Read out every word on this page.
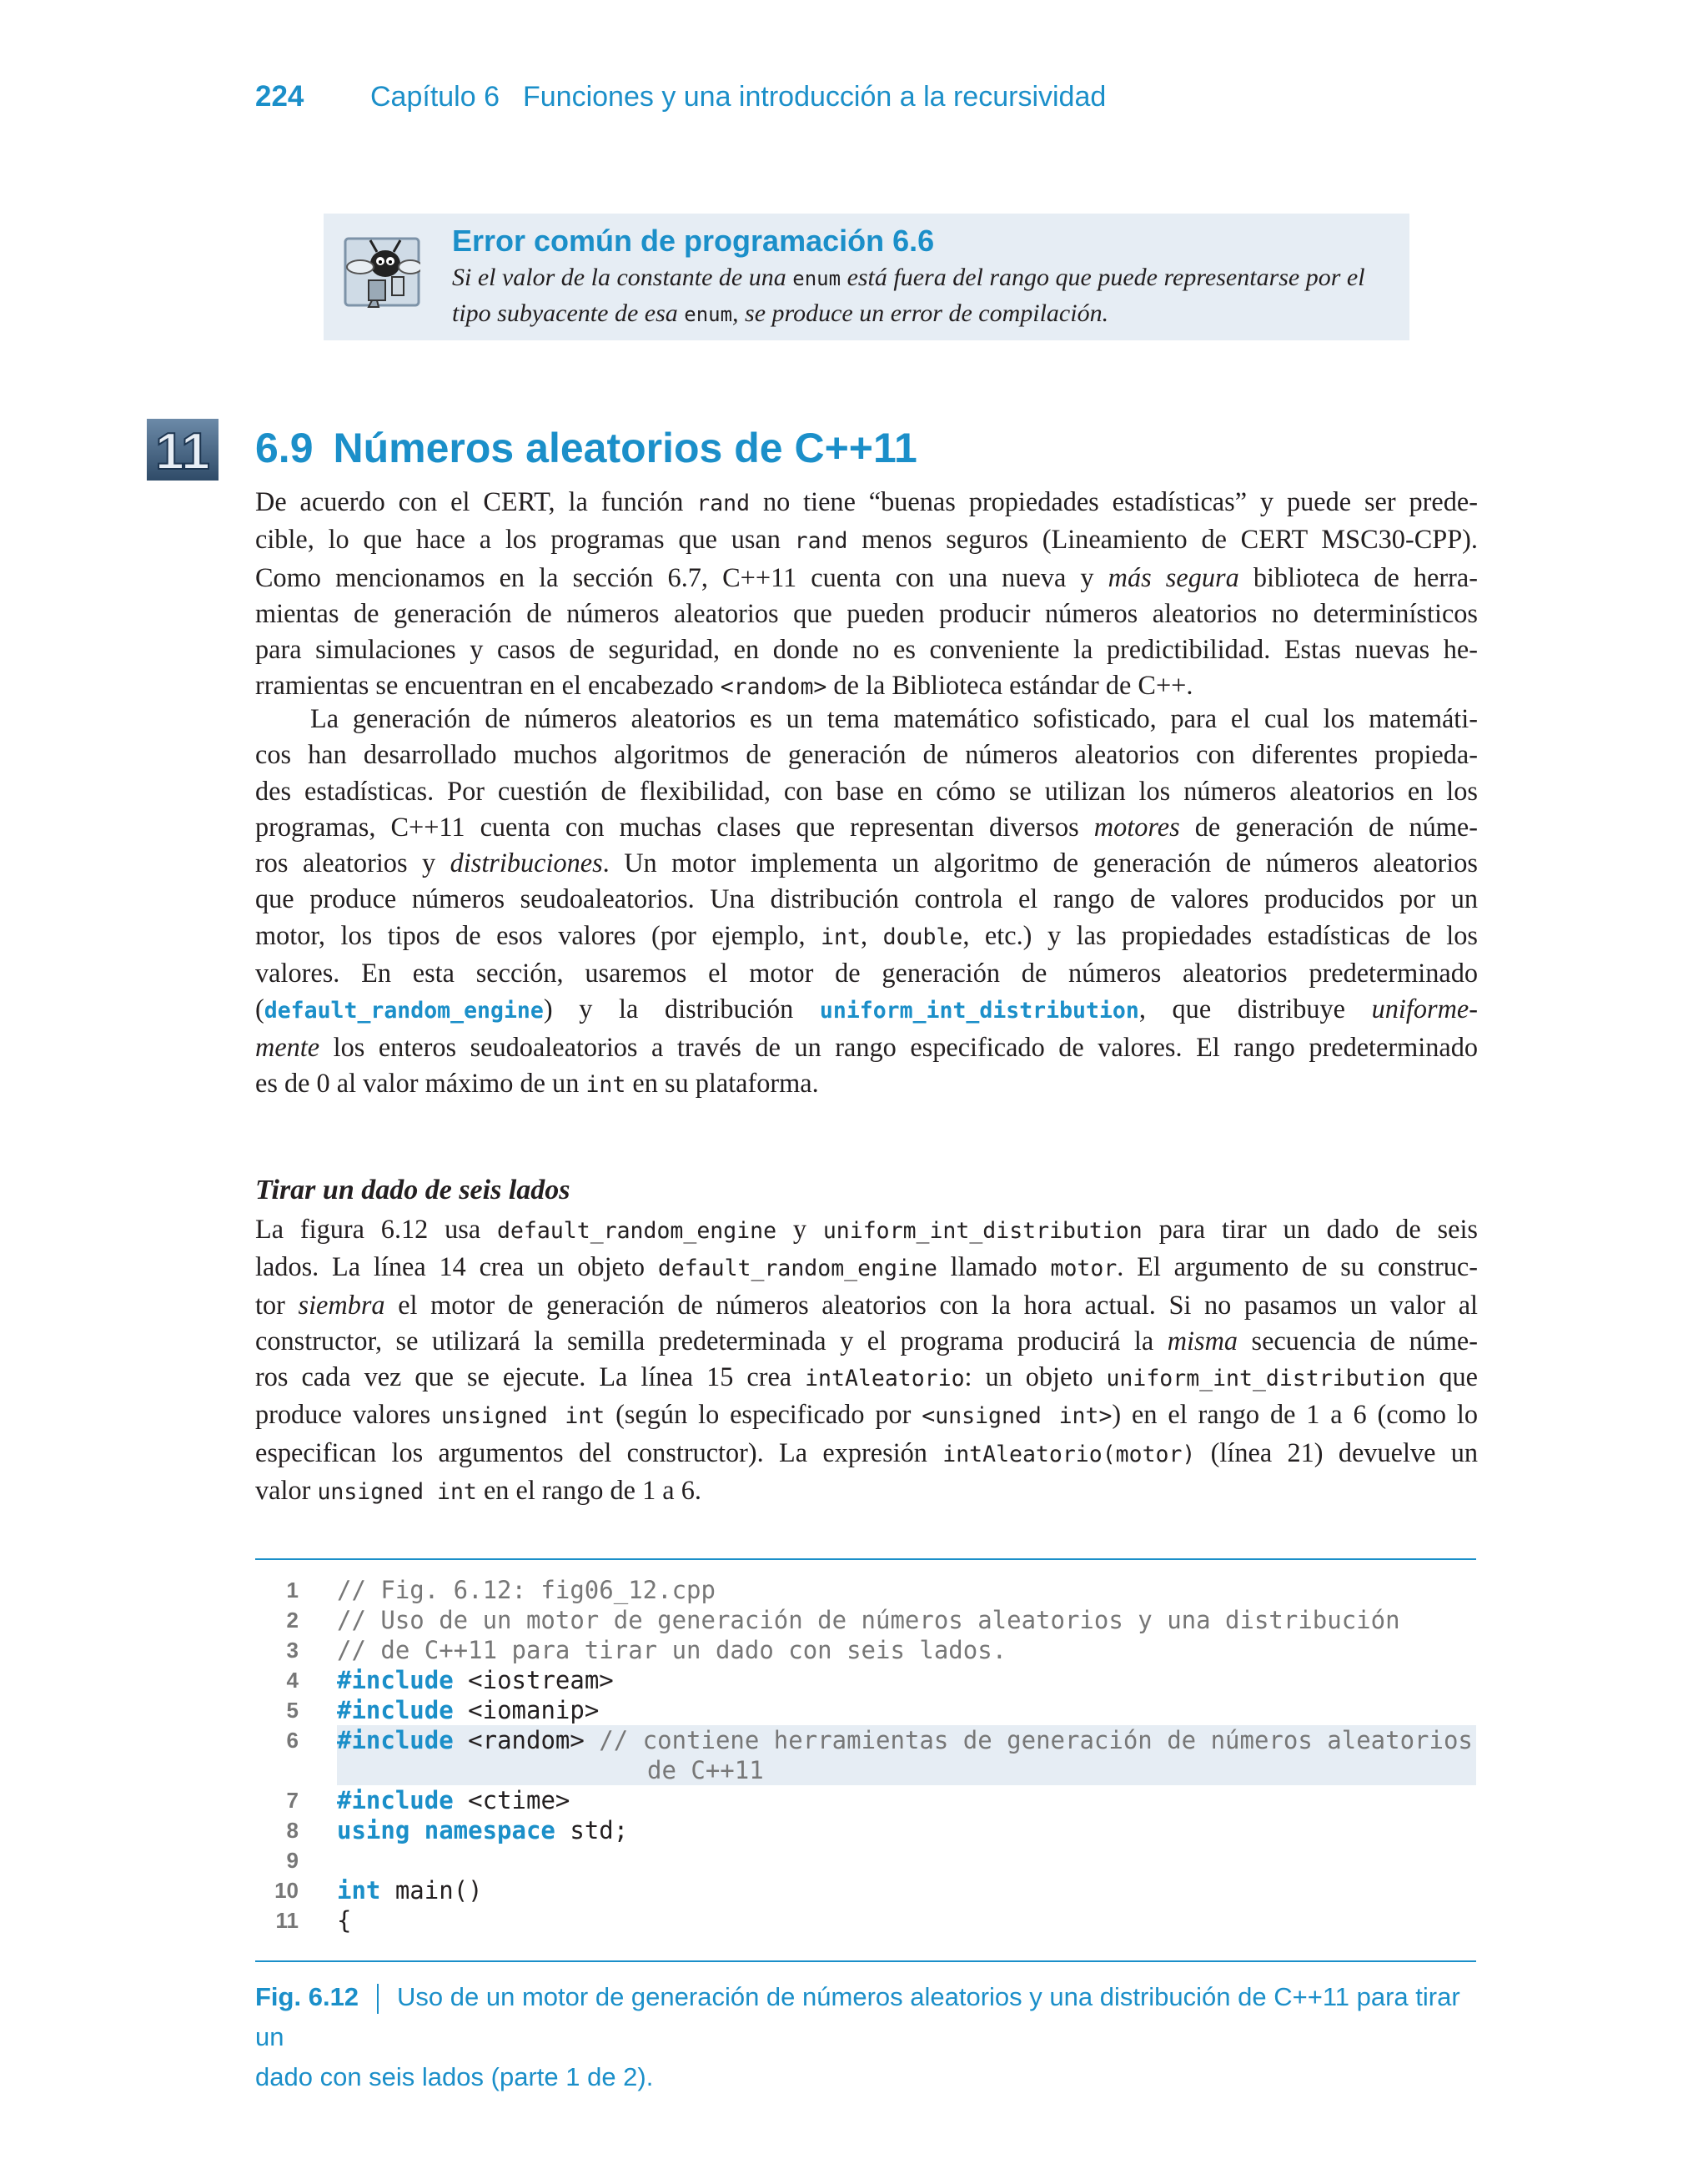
224	Capítulo 6 Funciones y una introducción a la recursividad
Error común de programación 6.6
Si el valor de la constante de una enum está fuera del rango que puede representarse por el
tipo subyacente de esa enum, se produce un error de compilación.
11 6.9 Números aleatorios de C++11
De acuerdo con el CERT, la función rand no tiene “buenas propiedades estadísticas” y puede ser prede-
cible, lo que hace a los programas que usan rand menos seguros (Lineamiento de CERT MSC30-CPP).
Como mencionamos en la sección 6.7, C++11 cuenta con una nueva y más segura biblioteca de herra-
mientas de generación de números aleatorios que pueden producir números aleatorios no determinísticos
para simulaciones y casos de seguridad, en donde no es conveniente la predictibilidad. Estas nuevas he-
rramientas se encuentran en el encabezado <random> de la Biblioteca estándar de C++.
La generación de números aleatorios es un tema matemático sofisticado, para el cual los matemáti-
cos han desarrollado muchos algoritmos de generación de números aleatorios con diferentes propieda-
des estadísticas. Por cuestión de flexibilidad, con base en cómo se utilizan los números aleatorios en los
programas, C++11 cuenta con muchas clases que representan diversos motores de generación de núme-
ros aleatorios y distribuciones. Un motor implementa un algoritmo de generación de números aleatorios
que produce números seudoaleatorios. Una distribución controla el rango de valores producidos por un
motor, los tipos de esos valores (por ejemplo, int, double, etc.) y las propiedades estadísticas de los
valores. En esta sección, usaremos el motor de generación de números aleatorios predeterminado
(default_random_engine) y la distribución uniform_int_distribution, que distribuye uniforme-
mente los enteros seudoaleatorios a través de un rango especificado de valores. El rango predeterminado
es de 0 al valor máximo de un int en su plataforma.
Tirar un dado de seis lados
La figura 6.12 usa default_random_engine y uniform_int_distribution para tirar un dado de seis
lados. La línea 14 crea un objeto default_random_engine llamado motor. El argumento de su construc-
tor siembra el motor de generación de números aleatorios con la hora actual. Si no pasamos un valor al
constructor, se utilizará la semilla predeterminada y el programa producirá la misma secuencia de núme-
ros cada vez que se ejecute. La línea 15 crea intAleatorio: un objeto uniform_int_distribution que
produce valores unsigned int (según lo especificado por <unsigned int>) en el rango de 1 a 6 (como lo
especifican los argumentos del constructor). La expresión intAleatorio(motor) (línea 21) devuelve un
valor unsigned int en el rango de 1 a 6.
1 // Fig. 6.12: fig06_12.cpp
2 // Uso de un motor de generación de números aleatorios y una distribución
3 // de C++11 para tirar un dado con seis lados.
4 #include <iostream>
5 #include <iomanip>
6 #include <random> // contiene herramientas de generación de números aleatorios
de C++11
7 #include <ctime>
8 using namespace std;
9
10 int main()
11 {
Fig. 6.12 Uso de un motor de generación de números aleatorios y una distribución de C++11 para tirar un
dado con seis lados (parte 1 de 2).
